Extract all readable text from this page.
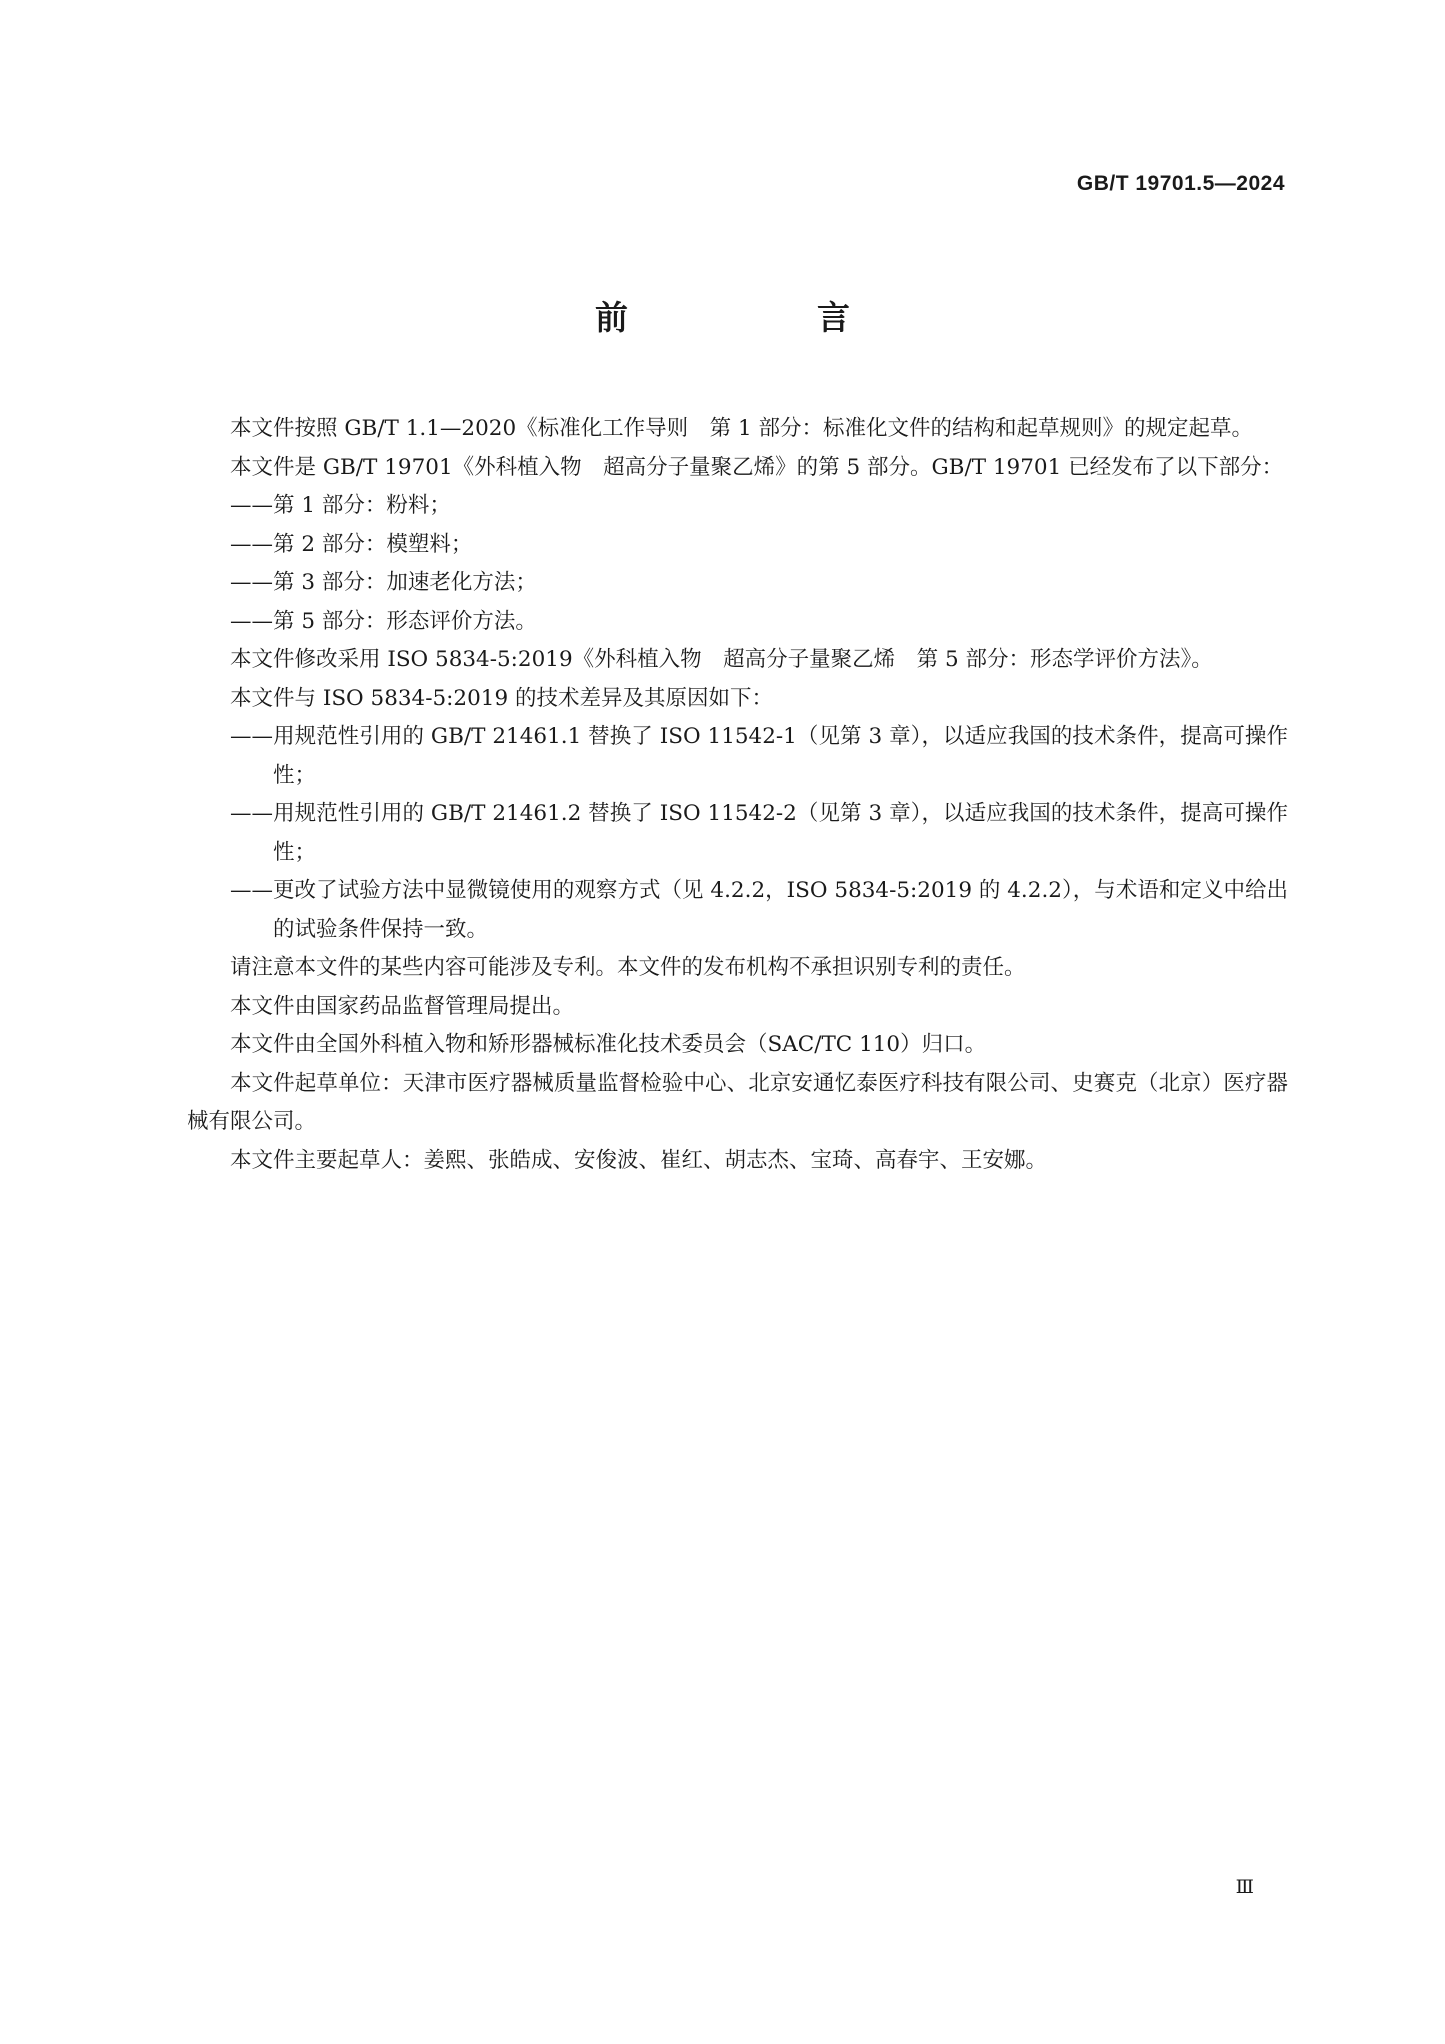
GB/T 19701.5—2024
前　言

本文件按照 GB/T 1.1—2020《标准化工作导则　第 1 部分：标准化文件的结构和起草规则》的规定起草。

本文件是 GB/T 19701《外科植入物　超高分子量聚乙烯》的第 5 部分。GB/T 19701 已经发布了以下部分：

——第 1 部分：粉料；

——第 2 部分：模塑料；

——第 3 部分：加速老化方法；

——第 5 部分：形态评价方法。

本文件修改采用 ISO 5834-5:2019《外科植入物　超高分子量聚乙烯　第 5 部分：形态学评价方法》。

本文件与 ISO 5834-5:2019 的技术差异及其原因如下：

——用规范性引用的 GB/T 21461.1 替换了 ISO 11542-1（见第 3 章），以适应我国的技术条件，提高可操作性；

——用规范性引用的 GB/T 21461.2 替换了 ISO 11542-2（见第 3 章），以适应我国的技术条件，提高可操作性；

——更改了试验方法中显微镜使用的观察方式（见 4.2.2，ISO 5834-5:2019 的 4.2.2），与术语和定义中给出的试验条件保持一致。

请注意本文件的某些内容可能涉及专利。本文件的发布机构不承担识别专利的责任。

本文件由国家药品监督管理局提出。

本文件由全国外科植入物和矫形器械标准化技术委员会（SAC/TC 110）归口。

本文件起草单位：天津市医疗器械质量监督检验中心、北京安通忆泰医疗科技有限公司、史赛克（北京）医疗器械有限公司。

本文件主要起草人：姜熙、张皓成、安俊波、崔红、胡志杰、宝琦、高春宇、王安娜。

Ⅲ
